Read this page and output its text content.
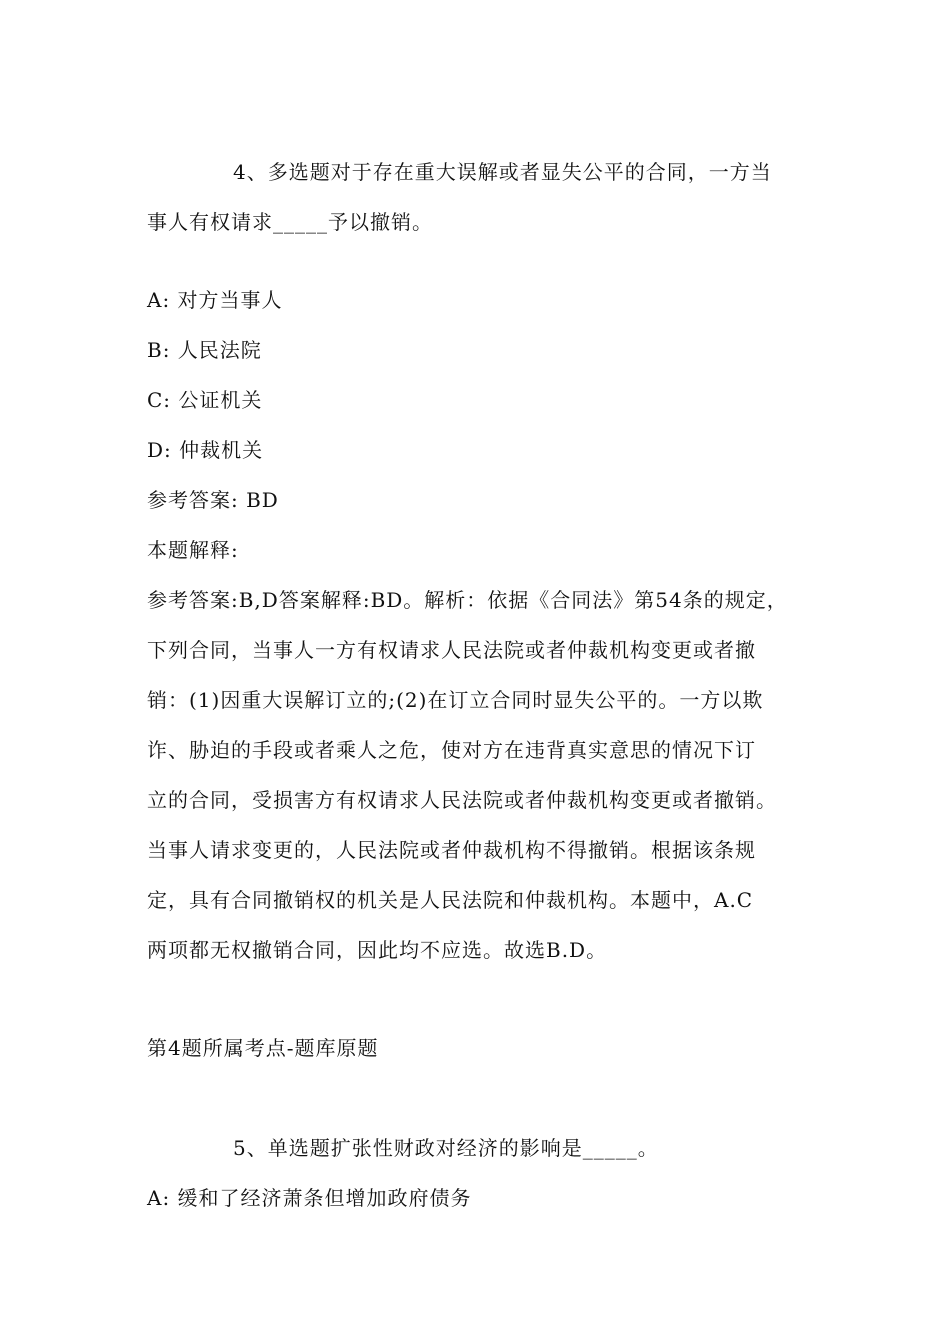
4、多选题对于存在重大误解或者显失公平的合同，一方当
事人有权请求_____予以撤销。
A: 对方当事人
B: 人民法院
C: 公证机关
D: 仲裁机关
参考答案: BD
本题解释:
参考答案:B,D答案解释:BD。解析：依据《合同法》第54条的规定，
下列合同，当事人一方有权请求人民法院或者仲裁机构变更或者撤
销：(1)因重大误解订立的;(2)在订立合同时显失公平的。一方以欺
诈、胁迫的手段或者乘人之危，使对方在违背真实意思的情况下订
立的合同，受损害方有权请求人民法院或者仲裁机构变更或者撤销。
当事人请求变更的，人民法院或者仲裁机构不得撤销。根据该条规
定，具有合同撤销权的机关是人民法院和仲裁机构。本题中，A.C
两项都无权撤销合同，因此均不应选。故选B.D。
第4题所属考点-题库原题
5、单选题扩张性财政对经济的影响是_____。
A: 缓和了经济萧条但增加政府债务
